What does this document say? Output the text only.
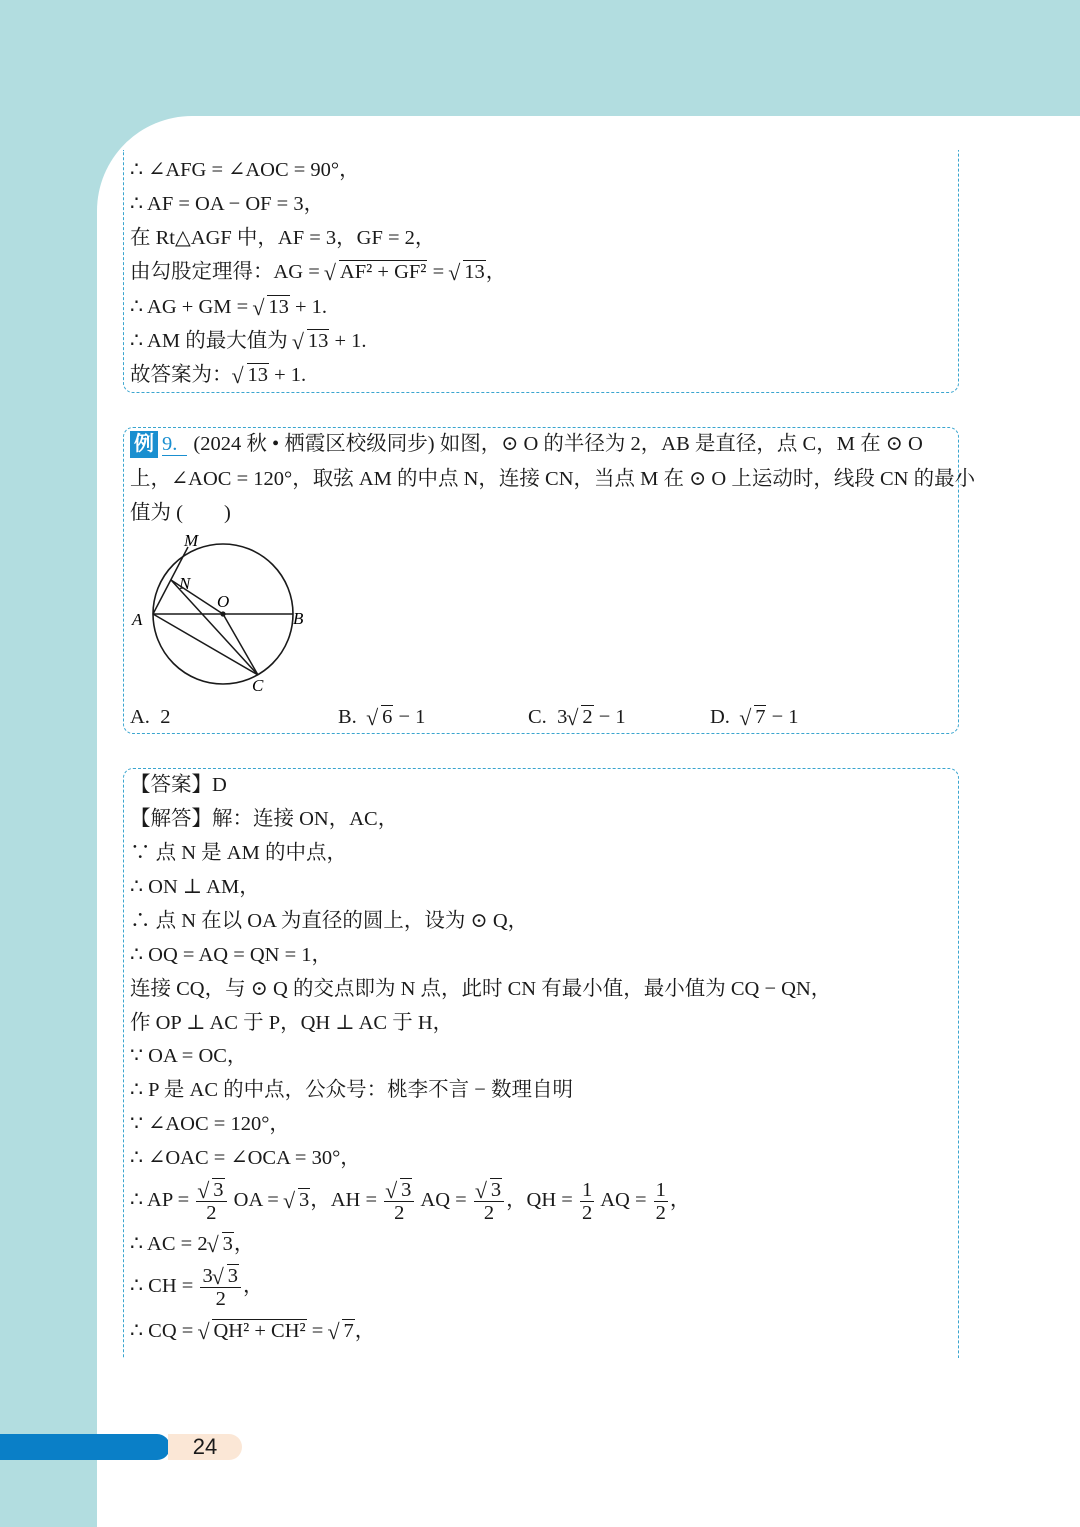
∴ ∠AFG = ∠AOC = 90°，
∴ AF = OA − OF = 3，
在 Rt△AGF 中，AF = 3，GF = 2，
由勾股定理得：AG = √ AF² + GF² = √ 13，
∴ AG + GM = √ 13 + 1.
∴ AM 的最大值为 √ 13 + 1.
故答案为： √ 13 + 1.
例 9. (2024 秋 • 栖霞区校级同步) 如图，⊙ O 的半径为 2，AB 是直径，点 C，M 在 ⊙ O
上，∠AOC = 120°，取弦 AM 的中点 N，连接 CN，当点 M 在 ⊙ O 上运动时，线段 CN 的最小
值为 (　　)
M
N
O
A	B
C
A. 2	B. √ 6 − 1	C. 3 √ 2 − 1	D. √ 7 − 1
【答案】D
【解答】解：连接 ON，AC，
∵ 点 N 是 AM 的中点，
∴ ON ⊥ AM，
∴ 点 N 在以 OA 为直径的圆上，设为 ⊙ Q，
∴ OQ = AQ = QN = 1，
连接 CQ，与 ⊙ Q 的交点即为 N 点，此时 CN 有最小值，最小值为 CQ − QN，
作 OP ⊥ AC 于 P，QH ⊥ AC 于 H，
∵ OA = OC，
∴ P 是 AC 的中点，公众号：桃李不言 − 数理自明
∵ ∠AOC = 120°，
∴ ∠OAC = ∠OCA = 30°，
∴ AP = √ $\frac{3}{2}$ OA = √ 3，AH = √ $\frac{3}{2}$ AQ = √ $\frac{3}{2}$ ，QH = $\frac{1}{2}$ AQ = $\frac{1}{2}$ ，
∴ AC = 2 √ 3，
∴ CH = $\frac{3 √ 3}{2}$ ，
∴ CQ = √ QH² + CH² = √ 7，
24
